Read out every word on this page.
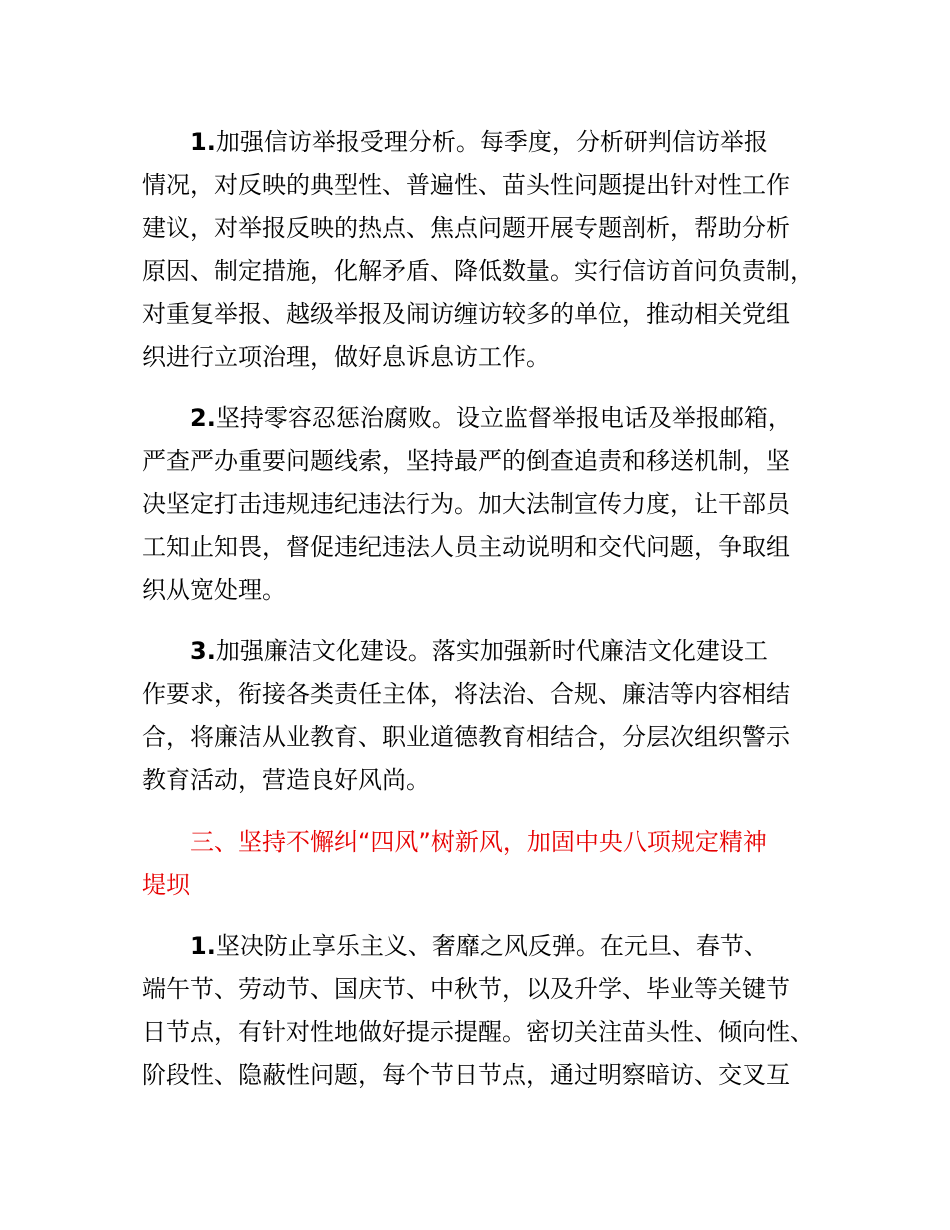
1.加强信访举报受理分析。每季度，分析研判信访举报
情况，对反映的典型性、普遍性、苗头性问题提出针对性工作
建议，对举报反映的热点、焦点问题开展专题剖析，帮助分析
原因、制定措施，化解矛盾、降低数量。实行信访首问负责制，
对重复举报、越级举报及闹访缠访较多的单位，推动相关党组
织进行立项治理，做好息诉息访工作。
2.坚持零容忍惩治腐败。设立监督举报电话及举报邮箱，
严查严办重要问题线索，坚持最严的倒查追责和移送机制，坚
决坚定打击违规违纪违法行为。加大法制宣传力度，让干部员
工知止知畏，督促违纪违法人员主动说明和交代问题，争取组
织从宽处理。
3.加强廉洁文化建设。落实加强新时代廉洁文化建设工
作要求，衔接各类责任主体，将法治、合规、廉洁等内容相结
合，将廉洁从业教育、职业道德教育相结合，分层次组织警示
教育活动，营造良好风尚。
三、坚持不懈纠“四风”树新风，加固中央八项规定精神
堤坝
1.坚决防止享乐主义、奢靡之风反弹。在元旦、春节、
端午节、劳动节、国庆节、中秋节，以及升学、毕业等关键节
日节点，有针对性地做好提示提醒。密切关注苗头性、倾向性、
阶段性、隐蔽性问题，每个节日节点，通过明察暗访、交叉互
